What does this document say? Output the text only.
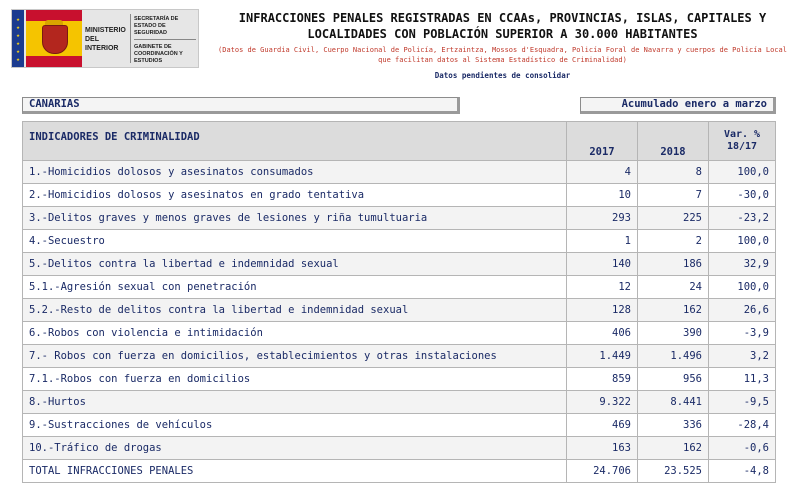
★
★
★
★
★
★
MINISTERIO DEL INTERIOR
SECRETARÍA DE ESTADO DE SEGURIDAD
GABINETE DE COORDINACIÓN Y ESTUDIOS
INFRACCIONES PENALES REGISTRADAS EN CCAAs, PROVINCIAS, ISLAS, CAPITALES Y LOCALIDADES CON POBLACIÓN SUPERIOR A 30.000 HABITANTES
(Datos de Guardia Civil, Cuerpo Nacional de Policía, Ertzaintza, Mossos d'Esquadra, Policía Foral de Navarra y cuerpos de Policía Local que facilitan datos al Sistema Estadístico de Criminalidad)
Datos pendientes de consolidar
CANARIAS	Acumulado enero a marzo
INDICADORES DE CRIMINALIDAD	2017	2018	Var. % 18/17
1.-Homicidios dolosos y asesinatos consumados	4	8	100,0
2.-Homicidios dolosos y asesinatos en grado tentativa	10	7	-30,0
3.-Delitos graves y menos graves de lesiones y riña tumultuaria	293	225	-23,2
4.-Secuestro	1	2	100,0
5.-Delitos contra la libertad e indemnidad sexual	140	186	32,9
5.1.-Agresión sexual con penetración	12	24	100,0
5.2.-Resto de delitos contra la libertad e indemnidad sexual	128	162	26,6
6.-Robos con violencia e intimidación	406	390	-3,9
7.- Robos con fuerza en domicilios, establecimientos y otras instalaciones	1.449	1.496	3,2
7.1.-Robos con fuerza en domicilios	859	956	11,3
8.-Hurtos	9.322	8.441	-9,5
9.-Sustracciones de vehículos	469	336	-28,4
10.-Tráfico de drogas	163	162	-0,6
TOTAL INFRACCIONES PENALES	24.706	23.525	-4,8
